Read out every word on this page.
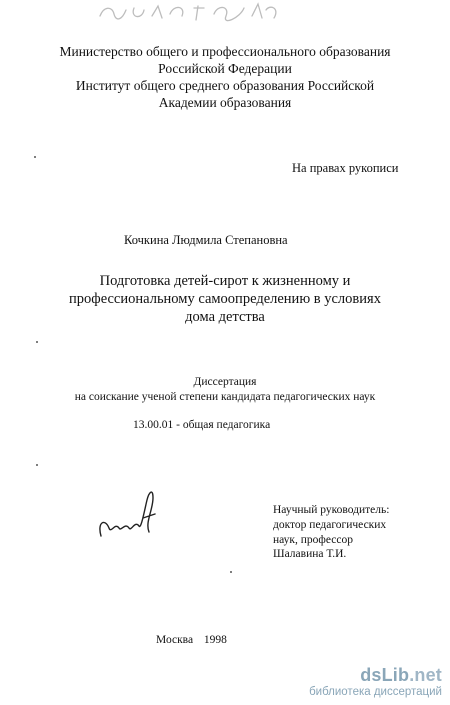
Министерство общего и профессионального образования
Российской Федерации
Институт общего среднего образования Российской
Академии образования
На правах рукописи
Кочкина Людмила Степановна
Подготовка детей-сирот к жизненному и
профессиональному самоопределению в условиях
дома детства
Диссертация
на соискание ученой степени кандидата педагогических наук
13.00.01 - общая педагогика
Научный руководитель:
доктор педагогических
наук, профессор
Шалавина Т.И.
Москва 1998
dsLib.net
библиотека диссертаций
